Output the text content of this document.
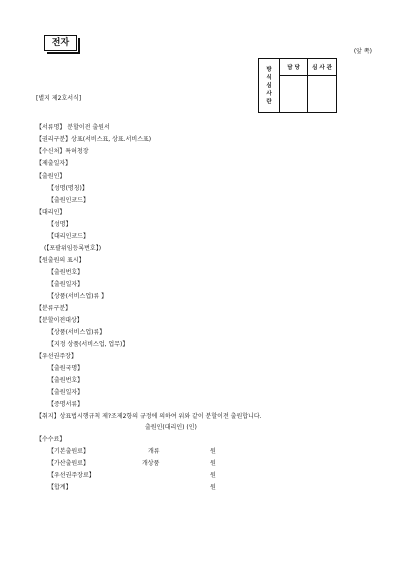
전자
(앞 쪽)
방
식
심
사
란	담 당	심 사 관

[별지 제2호서식]
【서류명】 분할이전 출원서
【권리구분】상표(서비스표, 상표.서비스표)
【수신처】특허청장
【제출일자】
【출원인】
【성명(명칭)】
【출원인코드】
【대리인】
【성명】
【대리인코드】
(【포괄위임등록번호】)
【원출원의 표시】
【출원번호】
【출원일자】
【상품(서비스업)류 】
【분류구분】
【분할이전대상】
【상품(서비스업)류】
【지정 상품(서비스업, 업무)】
【우선권주장】
【출원국명】
【출원번호】
【출원일자】
【증명서류】
【취지】상표법시행규칙 제?조제2항의 규정에 의하여 위와 같이 분할이전 출원합니다.
출원인(대리인) (인)
【수수료】
【기본출원료】	개류	원
【가산출원료】	개상품	원
【우선권주장료】	원
【합계】	원
